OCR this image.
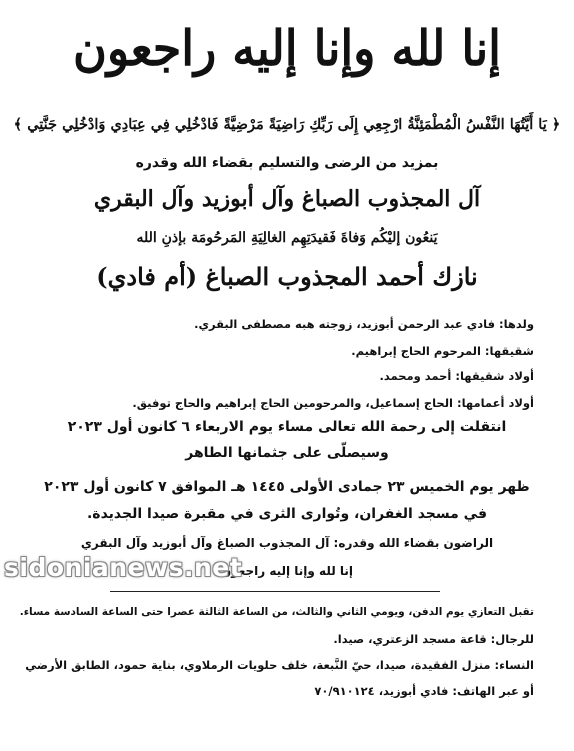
إنا لله وإنا إليه راجعون
﴿ يَا أَيَّتُهَا النَّفْسُ الْمُطْمَئِنَّةُ ارْجِعِي إِلَى رَبِّكِ رَاضِيَةً مَرْضِيَّةً فَادْخُلِي فِي عِبَادِي وَادْخُلِي جَنَّتِي ﴾
بمزيد من الرضى والتسليم بقضاء الله وقدره
آل المجذوب الصباغ وآل أبوزيد وآل البقري
يَنعُون إليْكُم وَفاةَ فَقيدَتِهِم الغالِيَةِ المَرحُومَة بإذنِ الله
نازك أحمد المجذوب الصباغ (أم فادي)
ولدها: فادي عبد الرحمن أبوزيد، زوجته هبه مصطفى البقري.
شقيقها: المرحوم الحاج إبراهيم.
أولاد شقيقها: أحمد ومحمد.
أولاد أعمامها: الحاج إسماعيل، والمرحومين الحاج إبراهيم والحاج توفيق.
انتقلت إلى رحمة الله تعالى مساء يوم الاربعاء ٦ كانون أول ٢٠٢٣
وسيصلّى على جثمانها الطاهر
ظهر يوم الخميس ٢٣ جمادى الأولى ١٤٤٥ هـ الموافق ٧ كانون أول ٢٠٢٣
في مسجد الغفران، وتُوارى الثرى في مقبرة صيدا الجديدة.
الراضون بقضاء الله وقدره: آل المجذوب الصباغ وآل أبوزيد وآل البقري
إنا لله وإنا إليه راجعون
sidonianews.net
تقبل التعازي يوم الدفن، ويومي الثاني والثالث، من الساعة الثالثة عصرا حتى الساعة السادسة مساء.
للرجال: قاعة مسجد الزعتري، صيدا.
النساء: منزل الفقيدة، صيدا، حيّ النَّبعة، خلف حلويات الرملاوي، بناية حمود، الطابق الأرضي
أو عبر الهاتف: فادي أبوزيد، ٧٠/٩١٠١٢٤
